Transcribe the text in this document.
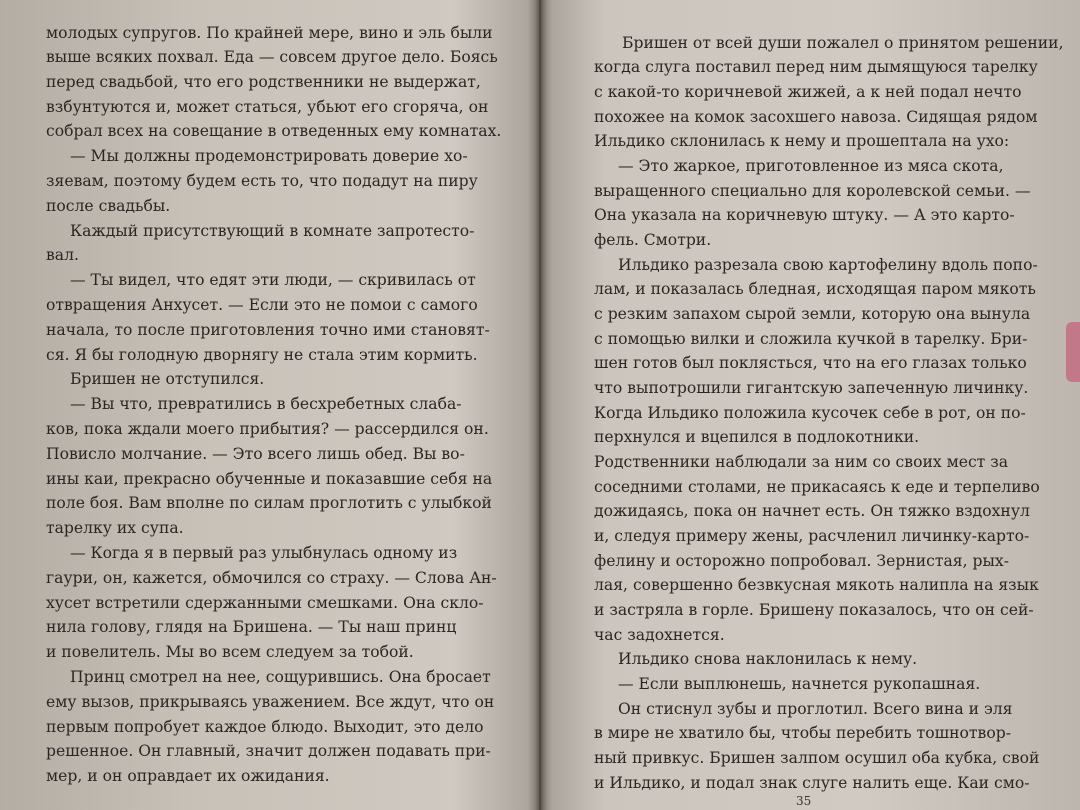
молодых супругов. По крайней мере, вино и эль были
выше всяких похвал. Еда — совсем другое дело. Боясь
перед свадьбой, что его родственники не выдержат,
взбунтуются и, может статься, убьют его сгоряча, он
собрал всех на совещание в отведенных ему комнатах.
— Мы должны продемонстрировать доверие хо-
зяевам, поэтому будем есть то, что подадут на пиру
после свадьбы.
Каждый присутствующий в комнате запротесто-
вал.
— Ты видел, что едят эти люди, — скривилась от
отвращения Анхусет. — Если это не помои с самого
начала, то после приготовления точно ими становят-
ся. Я бы голодную дворнягу не стала этим кормить.
Бришен не отступился.
— Вы что, превратились в бесхребетных слаба-
ков, пока ждали моего прибытия? — рассердился он.
Повисло молчание. — Это всего лишь обед. Вы во-
ины каи, прекрасно обученные и показавшие себя на
поле боя. Вам вполне по силам проглотить с улыбкой
тарелку их супа.
— Когда я в первый раз улыбнулась одному из
гаури, он, кажется, обмочился со страху. — Слова Ан-
хусет встретили сдержанными смешками. Она скло-
нила голову, глядя на Бришена. — Ты наш принц
и повелитель. Мы во всем следуем за тобой.
Принц смотрел на нее, сощурившись. Она бросает
ему вызов, прикрываясь уважением. Все ждут, что он
первым попробует каждое блюдо. Выходит, это дело
решенное. Он главный, значит должен подавать при-
мер, и он оправдает их ожидания.
Бришен от всей души пожалел о принятом решении,
когда слуга поставил перед ним дымящуюся тарелку
с какой-то коричневой жижей, а к ней подал нечто
похожее на комок засохшего навоза. Сидящая рядом
Ильдико склонилась к нему и прошептала на ухо:
— Это жаркое, приготовленное из мяса скота,
выращенного специально для королевской семьи. —
Она указала на коричневую штуку. — А это карто-
фель. Смотри.
Ильдико разрезала свою картофелину вдоль попо-
лам, и показалась бледная, исходящая паром мякоть
с резким запахом сырой земли, которую она вынула
с помощью вилки и сложила кучкой в тарелку. Бри-
шен готов был поклясться, что на его глазах только
что выпотрошили гигантскую запеченную личинку.
Когда Ильдико положила кусочек себе в рот, он по-
перхнулся и вцепился в подлокотники.
Родственники наблюдали за ним со своих мест за
соседними столами, не прикасаясь к еде и терпеливо
дожидаясь, пока он начнет есть. Он тяжко вздохнул
и, следуя примеру жены, расчленил личинку-карто-
фелину и осторожно попробовал. Зернистая, рых-
лая, совершенно безвкусная мякоть налипла на язык
и застряла в горле. Бришену показалось, что он сей-
час задохнется.
Ильдико снова наклонилась к нему.
— Если выплюнешь, начнется рукопашная.
Он стиснул зубы и проглотил. Всего вина и эля
в мире не хватило бы, чтобы перебить тошнотвор-
ный привкус. Бришен залпом осушил оба кубка, свой
и Ильдико, и подал знак слуге налить еще. Каи смо-
35
